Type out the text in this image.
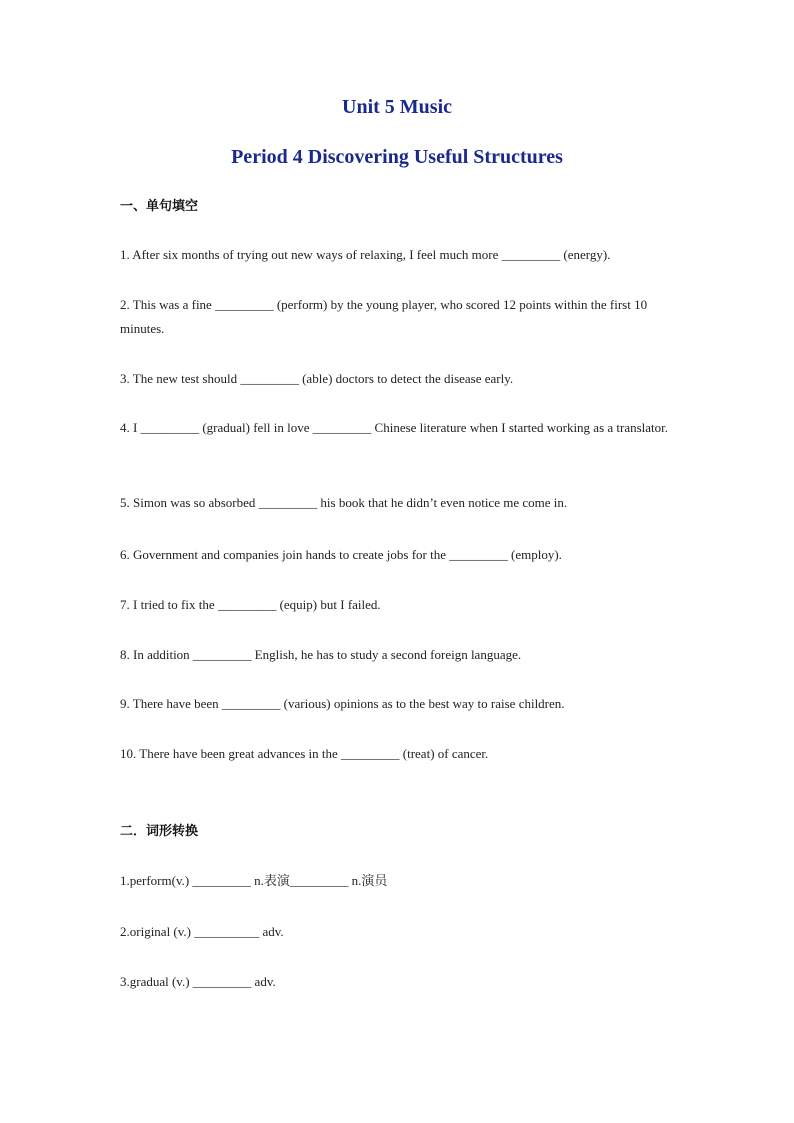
Unit 5 Music
Period 4 Discovering Useful Structures
一、单句填空
1. After six months of trying out new ways of relaxing, I feel much more _________ (energy).
2. This was a fine _________ (perform) by the young player, who scored 12 points within the first 10 minutes.
3. The new test should _________ (able) doctors to detect the disease early.
4. I _________ (gradual) fell in love _________ Chinese literature when I started working as a translator.
5. Simon was so absorbed _________ his book that he didn’t even notice me come in.
6. Government and companies join hands to create jobs for the _________ (employ).
7. I tried to fix the _________ (equip) but I failed.
8. In addition _________ English, he has to study a second foreign language.
9. There have been _________ (various) opinions as to the best way to raise children.
10. There have been great advances in the _________ (treat) of cancer.
二．词形转换
1.perform(v.) _________ n.表演_________ n.演员
2.original (v.) __________ adv.
3.gradual (v.) _________ adv.
